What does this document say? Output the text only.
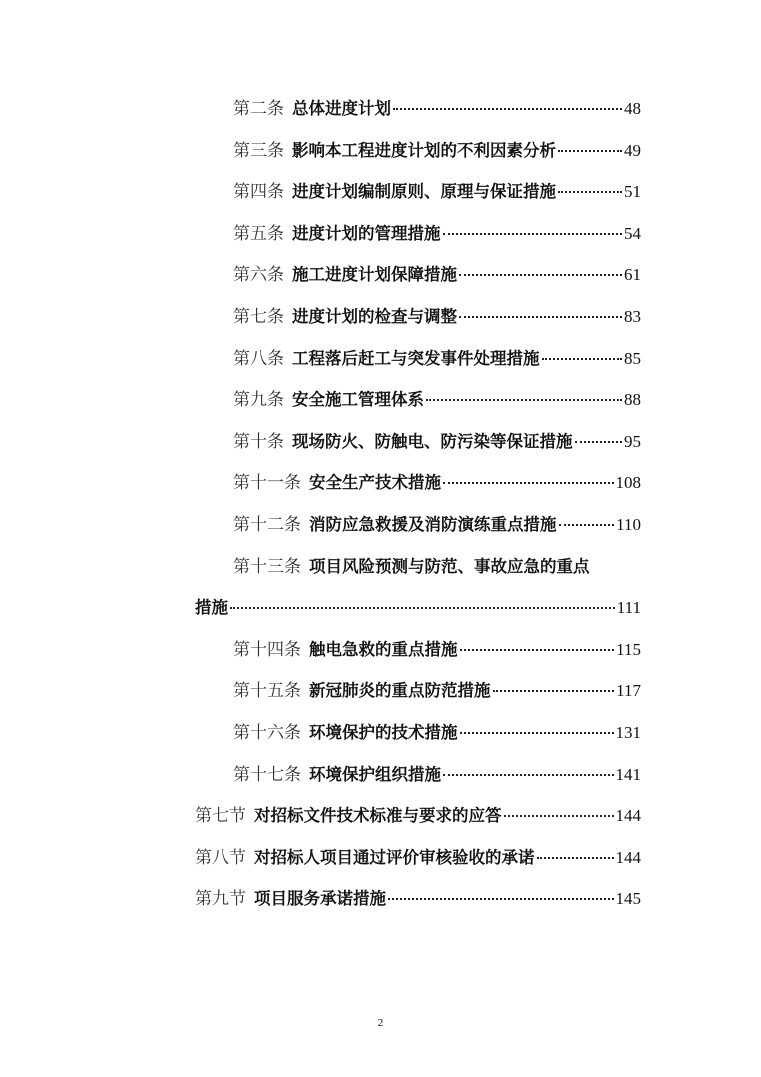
第二条 总体进度计划	48
第三条 影响本工程进度计划的不利因素分析	49
第四条 进度计划编制原则、原理与保证措施	51
第五条 进度计划的管理措施	54
第六条 施工进度计划保障措施	61
第七条 进度计划的检查与调整	83
第八条 工程落后赶工与突发事件处理措施	85
第九条 安全施工管理体系	88
第十条 现场防火、防触电、防污染等保证措施	95
第十一条 安全生产技术措施	108
第十二条 消防应急救援及消防演练重点措施	110
第十三条 项目风险预测与防范、事故应急的重点
措施	111
第十四条 触电急救的重点措施	115
第十五条 新冠肺炎的重点防范措施	117
第十六条 环境保护的技术措施	131
第十七条 环境保护组织措施	141
第七节 对招标文件技术标准与要求的应答	144
第八节 对招标人项目通过评价审核验收的承诺	144
第九节 项目服务承诺措施	145
2
